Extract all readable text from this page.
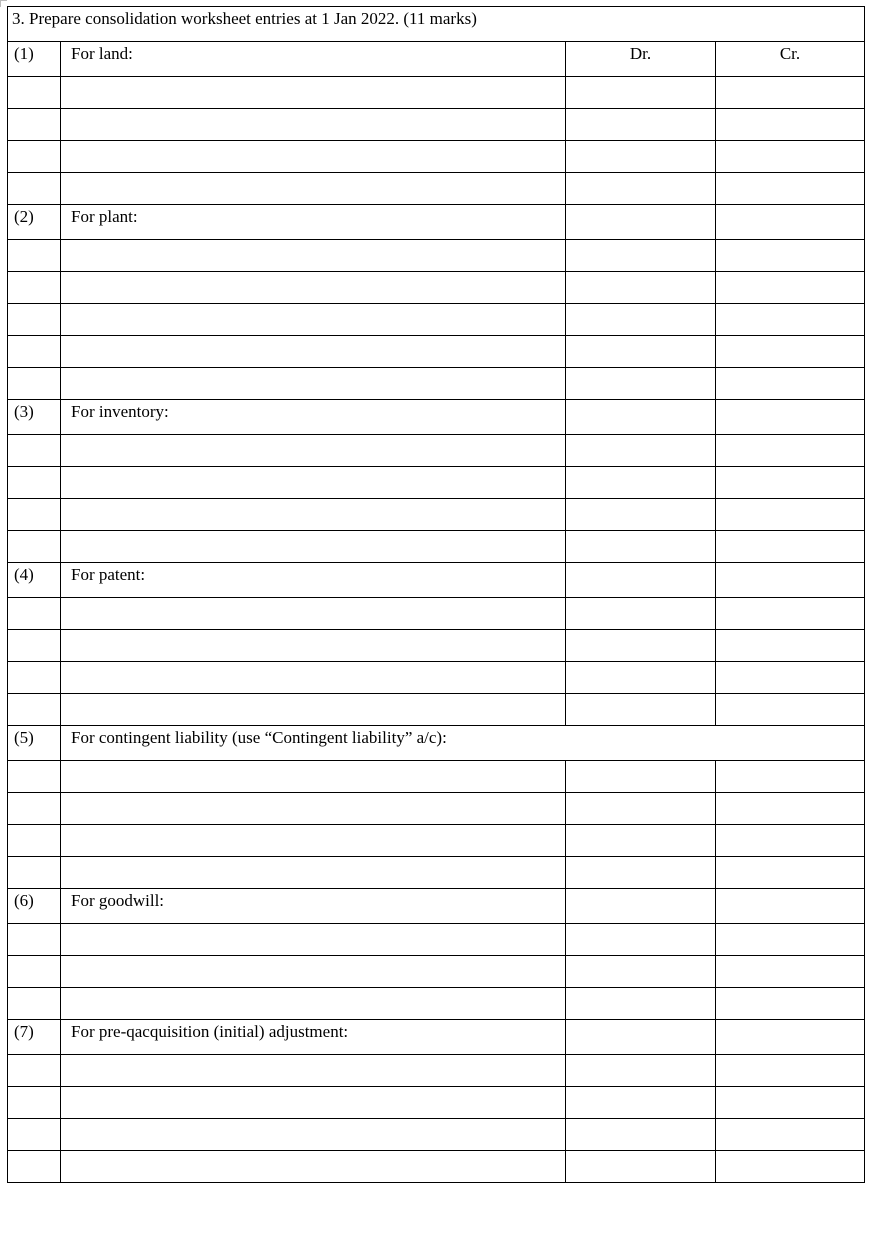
3. Prepare consolidation worksheet entries at 1 Jan 2022. (11 marks)			
(1)	For land:	Dr.	Cr.

(2)	For plant:		

(3)	For inventory:		

(4)	For patent:		

(5)	For contingent liability (use “Contingent liability” a/c):		

(6)	For goodwill:		

(7)	For pre-qacquisition (initial) adjustment:		
